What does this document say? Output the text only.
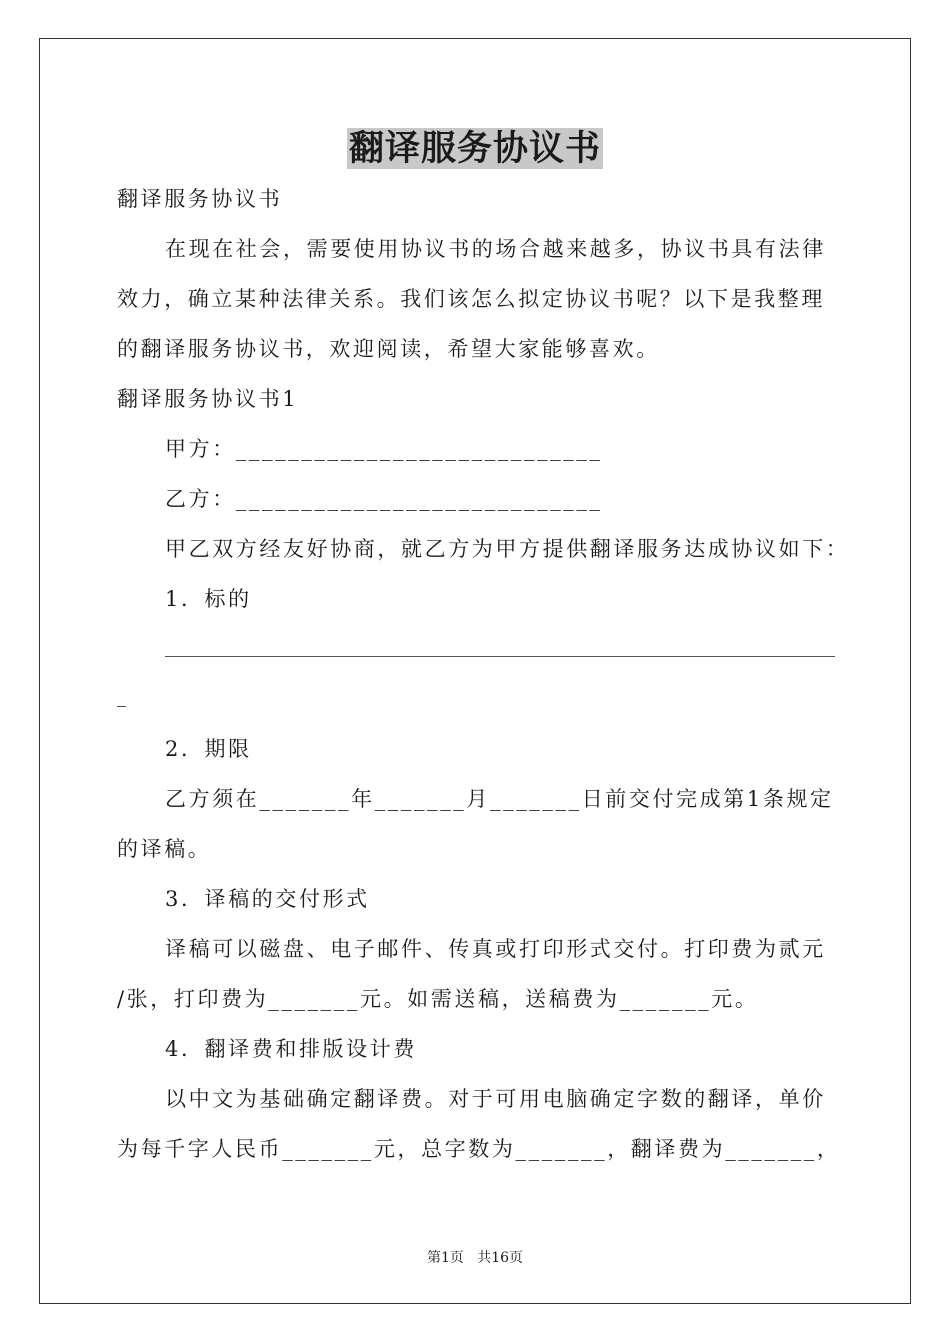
翻译服务协议书

翻译服务协议书

在现在社会，需要使用协议书的场合越来越多，协议书具有法律

效力，确立某种法律关系。我们该怎么拟定协议书呢？以下是我整理

的翻译服务协议书，欢迎阅读，希望大家能够喜欢。

翻译服务协议书1

甲方：____________________________

乙方：____________________________

甲乙双方经友好协商，就乙方为甲方提供翻译服务达成协议如下：

1．标的

2．期限

乙方须在_______年_______月_______日前交付完成第1条规定

的译稿。

3．译稿的交付形式

译稿可以磁盘、电子邮件、传真或打印形式交付。打印费为贰元

/张，打印费为_______元。如需送稿，送稿费为_______元。

4．翻译费和排版设计费

以中文为基础确定翻译费。对于可用电脑确定字数的翻译，单价

为每千字人民币_______元，总字数为_______，翻译费为_______，

第1页   共16页
